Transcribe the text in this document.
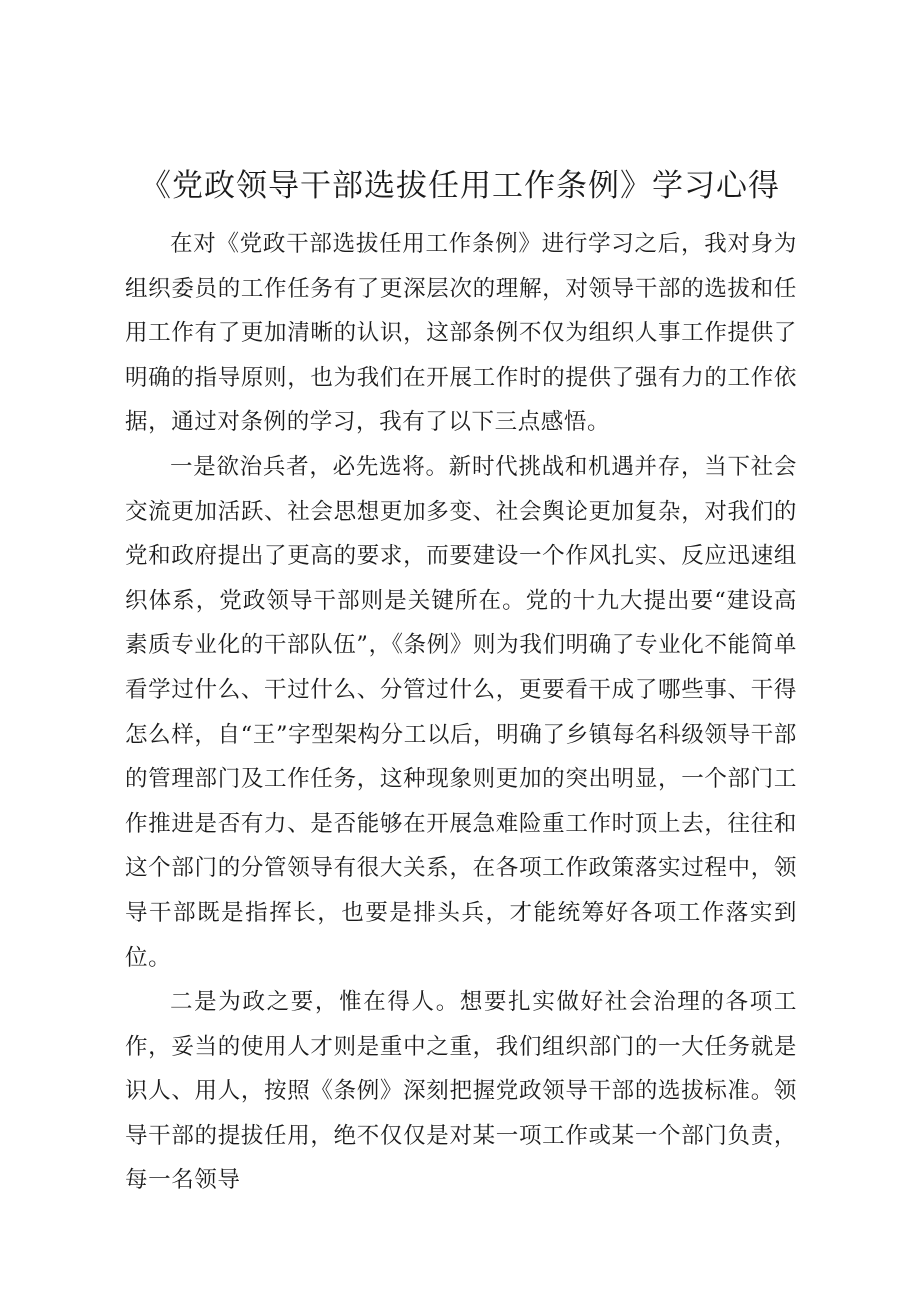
《党政领导干部选拔任用工作条例》学习心得

在对《党政干部选拔任用工作条例》进行学习之后，我对身为组织委员的工作任务有了更深层次的理解，对领导干部的选拔和任用工作有了更加清晰的认识，这部条例不仅为组织人事工作提供了明确的指导原则，也为我们在开展工作时的提供了强有力的工作依据，通过对条例的学习，我有了以下三点感悟。

一是欲治兵者，必先选将。新时代挑战和机遇并存，当下社会交流更加活跃、社会思想更加多变、社会舆论更加复杂，对我们的党和政府提出了更高的要求，而要建设一个作风扎实、反应迅速组织体系，党政领导干部则是关键所在。党的十九大提出要“建设高素质专业化的干部队伍”，《条例》则为我们明确了专业化不能简单看学过什么、干过什么、分管过什么，更要看干成了哪些事、干得怎么样，自“王”字型架构分工以后，明确了乡镇每名科级领导干部的管理部门及工作任务，这种现象则更加的突出明显，一个部门工作推进是否有力、是否能够在开展急难险重工作时顶上去，往往和这个部门的分管领导有很大关系，在各项工作政策落实过程中，领导干部既是指挥长，也要是排头兵，才能统筹好各项工作落实到位。

二是为政之要，惟在得人。想要扎实做好社会治理的各项工作，妥当的使用人才则是重中之重，我们组织部门的一大任务就是识人、用人，按照《条例》深刻把握党政领导干部的选拔标准。领导干部的提拔任用，绝不仅仅是对某一项工作或某一个部门负责，每一名领导
